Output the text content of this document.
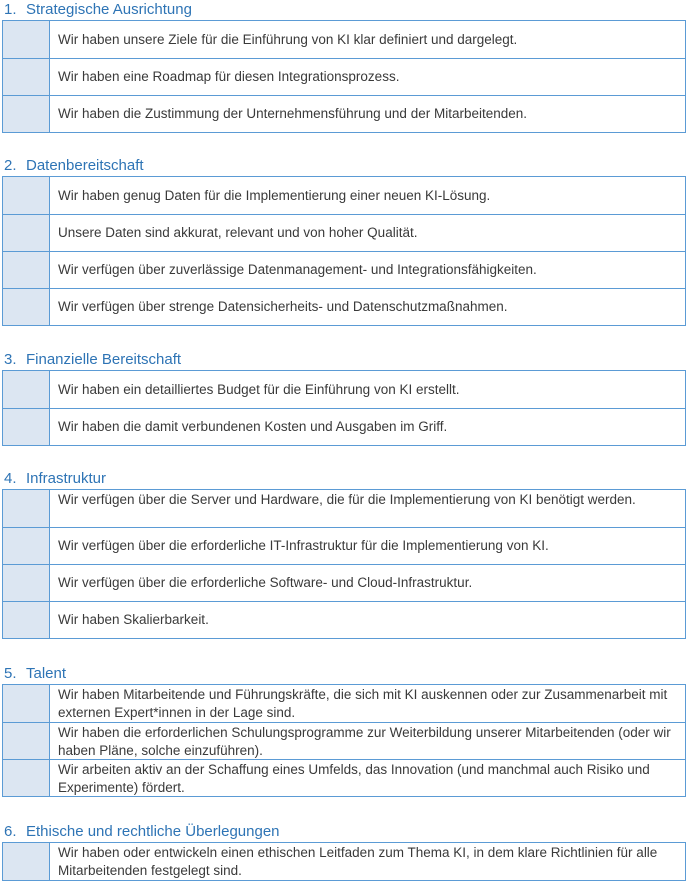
1. Strategische Ausrichtung
Wir haben unsere Ziele für die Einführung von KI klar definiert und dargelegt.
Wir haben eine Roadmap für diesen Integrationsprozess.
Wir haben die Zustimmung der Unternehmensführung und der Mitarbeitenden.
2. Datenbereitschaft
Wir haben genug Daten für die Implementierung einer neuen KI-Lösung.
Unsere Daten sind akkurat, relevant und von hoher Qualität.
Wir verfügen über zuverlässige Datenmanagement- und Integrationsfähigkeiten.
Wir verfügen über strenge Datensicherheits- und Datenschutzmaßnahmen.
3. Finanzielle Bereitschaft
Wir haben ein detailliertes Budget für die Einführung von KI erstellt.
Wir haben die damit verbundenen Kosten und Ausgaben im Griff.
4. Infrastruktur
Wir verfügen über die Server und Hardware, die für die Implementierung von KI benötigt werden.
Wir verfügen über die erforderliche IT-Infrastruktur für die Implementierung von KI.
Wir verfügen über die erforderliche Software- und Cloud-Infrastruktur.
Wir haben Skalierbarkeit.
5. Talent
Wir haben Mitarbeitende und Führungskräfte, die sich mit KI auskennen oder zur Zusammenarbeit mit externen Expert*innen in der Lage sind.
Wir haben die erforderlichen Schulungsprogramme zur Weiterbildung unserer Mitarbeitenden (oder wir haben Pläne, solche einzuführen).
Wir arbeiten aktiv an der Schaffung eines Umfelds, das Innovation (und manchmal auch Risiko und Experimente) fördert.
6. Ethische und rechtliche Überlegungen
Wir haben oder entwickeln einen ethischen Leitfaden zum Thema KI, in dem klare Richtlinien für alle Mitarbeitenden festgelegt sind.
